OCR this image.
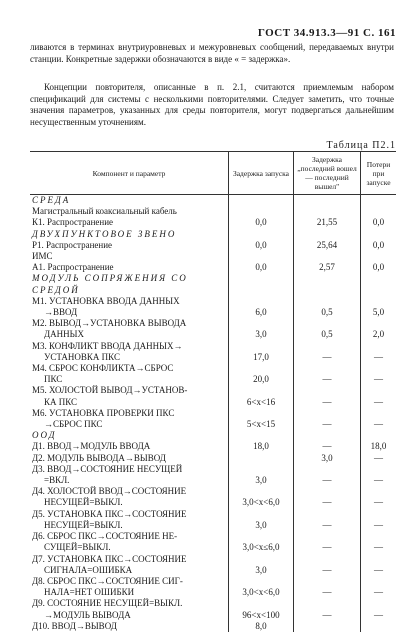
ГОСТ 34.913.3—91 С. 161
ливаются в терминах внутриуровневых и межуровневых сообщений, передаваемых внутри станции. Конкретные задержки обозначаются в виде « = задержка».
Концепции повторителя, описанные в п. 2.1, считаются приемлемым набором спецификаций для системы с несколькими повторителями. Следует заметить, что точные значения параметров, указанных для среды повторителя, могут подвергаться дальнейшим несущественным уточнениям.
Таблица П2.1
Компонент и параметр	Задержка запуска	Задержка „последний вошел — последний вышел"	Потери при запуске
СРЕДА			
Магистральный коаксиальный кабель			
К1. Распространение	0,0	21,55	0,0
ДВУХПУНКТОВОЕ ЗВЕНО			
Р1. Распространение	0,0	25,64	0,0
ИМС			
А1. Распространение	0,0	2,57	0,0
МОДУЛЬ СОПРЯЖЕНИЯ СО			
СРЕДОЙ			
М1. УСТАНОВКА ВВОДА ДАННЫХ			
→ВВОД	6,0	0,5	5,0
М2. ВЫВОД→УСТАНОВКА ВЫВОДА			
ДАННЫХ	3,0	0,5	2,0
М3. КОНФЛИКТ ВВОДА ДАННЫХ→			
УСТАНОВКА ПКС	17,0	—	—
М4. СБРОС КОНФЛИКТА→СБРОС			
ПКС	20,0	—	—
М5. ХОЛОСТОЙ ВЫВОД→УСТАНОВ-			
КА ПКС	6<x<16	—	—
М6. УСТАНОВКА ПРОВЕРКИ ПКС			
→СБРОС ПКС	5<x<15	—	—
ООД			
Д1. ВВОД→МОДУЛЬ ВВОДА	18,0	—	18,0
Д2. МОДУЛЬ ВЫВОДА→ВЫВОД		3,0	—
Д3. ВВОД→СОСТОЯНИЕ НЕСУЩЕЙ			
=ВКЛ.	3,0	—	—
Д4. ХОЛОСТОЙ ВВОД→СОСТОЯНИЕ			
НЕСУЩЕЙ=ВЫКЛ.	3,0<x<6,0	—	—
Д5. УСТАНОВКА ПКС→СОСТОЯНИЕ			
НЕСУЩЕЙ=ВЫКЛ.	3,0	—	—
Д6. СБРОС ПКС→СОСТОЯНИЕ НЕ-			
СУЩЕЙ=ВЫКЛ.	3,0<x≤6,0	—	—
Д7. УСТАНОВКА ПКС→СОСТОЯНИЕ			
СИГНАЛА=ОШИБКА	3,0	—	—
Д8. СБРОС ПКС→СОСТОЯНИЕ СИГ-			
НАЛА=НЕТ ОШИБКИ	3,0<x<6,0	—	—
Д9. СОСТОЯНИЕ НЕСУЩЕЙ=ВЫКЛ.			
→МОДУЛЬ ВЫВОДА	96<x<100	—	—
Д10. ВВОД→ВЫВОД	8,0		
